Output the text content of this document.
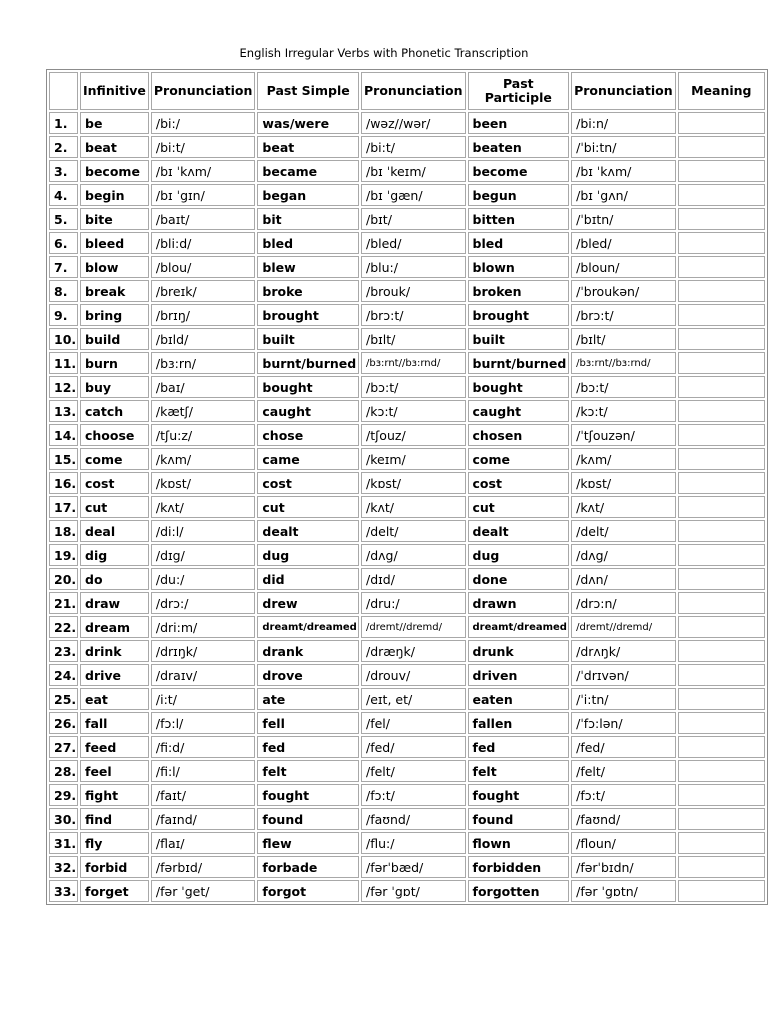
English Irregular Verbs with Phonetic Transcription
	Infinitive	Pronunciation	Past Simple	Pronunciation	Past Participle	Pronunciation	Meaning
1.	be	/bi:/	was/were	/wəz//wər/	been	/bi:n/	
2.	beat	/bi:t/	beat	/bi:t/	beaten	/ˈbi:tn/	
3.	become	/bɪ ˈkʌm/	became	/bɪ ˈkeɪm/	become	/bɪ ˈkʌm/	
4.	begin	/bɪ ˈgɪn/	began	/bɪ ˈgæn/	begun	/bɪ ˈgʌn/	
5.	bite	/baɪt/	bit	/bɪt/	bitten	/ˈbɪtn/	
6.	bleed	/bli:d/	bled	/bled/	bled	/bled/	
7.	blow	/blou/	blew	/blu:/	blown	/bloun/	
8.	break	/breɪk/	broke	/brouk/	broken	/ˈbroukən/	
9.	bring	/brɪŋ/	brought	/brɔ:t/	brought	/brɔ:t/	
10.	build	/bɪld/	built	/bɪlt/	built	/bɪlt/	
11.	burn	/bɜ:rn/	burnt/burned	/bɜ:rnt//bɜ:rnd/	burnt/burned	/bɜ:rnt//bɜ:rnd/	
12.	buy	/baɪ/	bought	/bɔ:t/	bought	/bɔ:t/	
13.	catch	/kætʃ/	caught	/kɔ:t/	caught	/kɔ:t/	
14.	choose	/tʃu:z/	chose	/tʃouz/	chosen	/ˈtʃouzən/	
15.	come	/kʌm/	came	/keɪm/	come	/kʌm/	
16.	cost	/kɒst/	cost	/kɒst/	cost	/kɒst/	
17.	cut	/kʌt/	cut	/kʌt/	cut	/kʌt/	
18.	deal	/di:l/	dealt	/delt/	dealt	/delt/	
19.	dig	/dɪg/	dug	/dʌg/	dug	/dʌg/	
20.	do	/du:/	did	/dɪd/	done	/dʌn/	
21.	draw	/drɔ:/	drew	/dru:/	drawn	/drɔ:n/	
22.	dream	/dri:m/	dreamt/dreamed	/dremt//dremd/	dreamt/dreamed	/dremt//dremd/	
23.	drink	/drɪŋk/	drank	/dræŋk/	drunk	/drʌŋk/	
24.	drive	/draɪv/	drove	/drouv/	driven	/ˈdrɪvən/	
25.	eat	/i:t/	ate	/eɪt, et/	eaten	/ˈi:tn/	
26.	fall	/fɔ:l/	fell	/fel/	fallen	/ˈfɔ:lən/	
27.	feed	/fi:d/	fed	/fed/	fed	/fed/	
28.	feel	/fi:l/	felt	/felt/	felt	/felt/	
29.	fight	/faɪt/	fought	/fɔ:t/	fought	/fɔ:t/	
30.	find	/faɪnd/	found	/faʊnd/	found	/faʊnd/	
31.	fly	/flaɪ/	flew	/flu:/	flown	/floun/	
32.	forbid	/fərbɪd/	forbade	/fərˈbæd/	forbidden	/fərˈbɪdn/	
33.	forget	/fər ˈget/	forgot	/fər ˈgɒt/	forgotten	/fər ˈgɒtn/	
